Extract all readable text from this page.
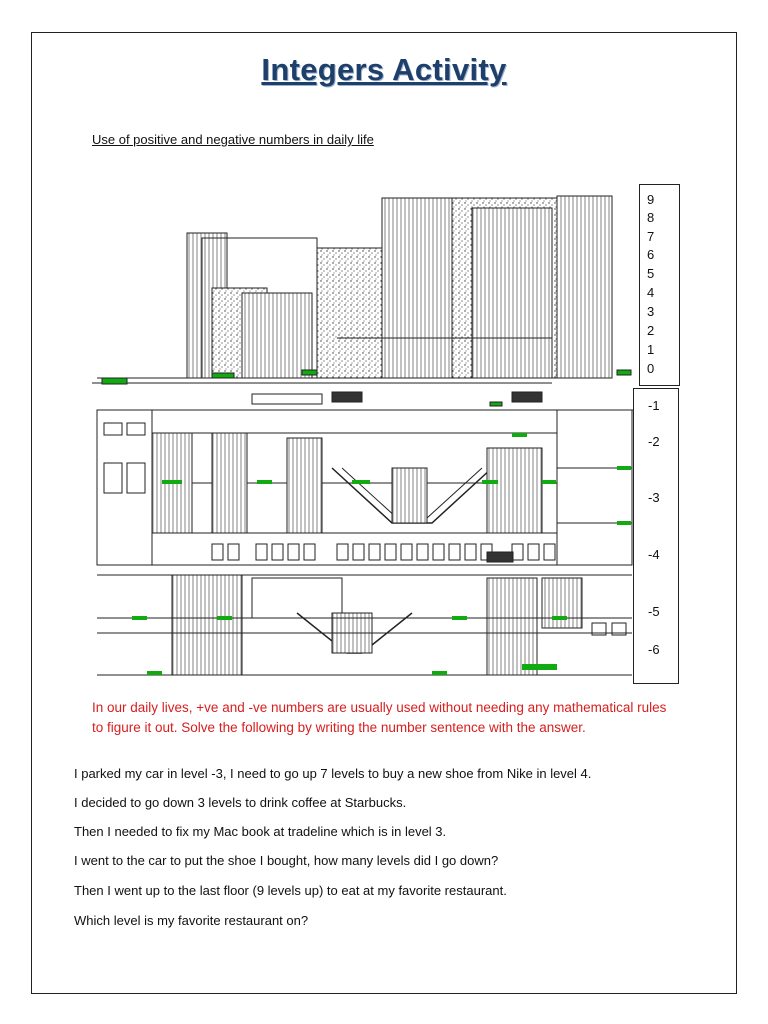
Integers Activity
Use of positive and negative numbers in daily life
9
8
7
6
5
4
3
2
1
0
-1
-2
-3
-4
-5
-6
In our daily lives, +ve and -ve numbers are usually used without needing any mathematical rules to figure it out. Solve the following by writing the number sentence with the answer.
I parked my car in level -3, I need to go up 7 levels to buy a new shoe from Nike in level 4.
I decided to go down 3 levels to drink coffee at Starbucks.
Then I needed to fix my Mac book at tradeline which is in level 3.
I went to the car to put the shoe I bought, how many levels did I go down?
Then I went up to the last floor (9 levels up) to eat at my favorite restaurant.
Which level is my favorite restaurant on?
